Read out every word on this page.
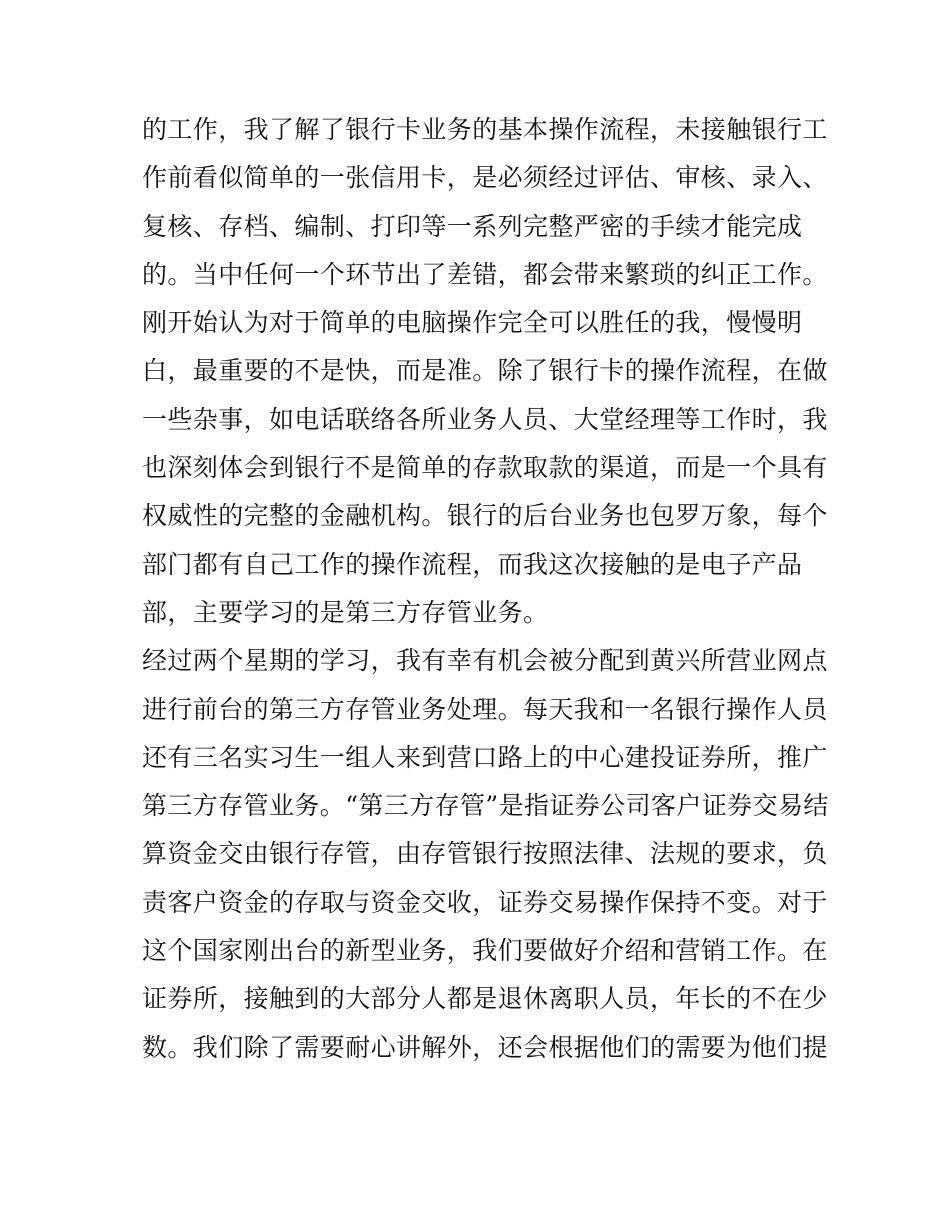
的工作，我了解了银行卡业务的基本操作流程，未接触银行工
作前看似简单的一张信用卡，是必须经过评估、审核、录入、
复核、存档、编制、打印等一系列完整严密的手续才能完成
的。当中任何一个环节出了差错，都会带来繁琐的纠正工作。
刚开始认为对于简单的电脑操作完全可以胜任的我，慢慢明
白，最重要的不是快，而是准。除了银行卡的操作流程，在做
一些杂事，如电话联络各所业务人员、大堂经理等工作时，我
也深刻体会到银行不是简单的存款取款的渠道，而是一个具有
权威性的完整的金融机构。银行的后台业务也包罗万象，每个
部门都有自己工作的操作流程，而我这次接触的是电子产品
部，主要学习的是第三方存管业务。
经过两个星期的学习，我有幸有机会被分配到黄兴所营业网点
进行前台的第三方存管业务处理。每天我和一名银行操作人员
还有三名实习生一组人来到营口路上的中心建投证券所，推广
第三方存管业务。“第三方存管”是指证券公司客户证券交易结
算资金交由银行存管，由存管银行按照法律、法规的要求，负
责客户资金的存取与资金交收，证券交易操作保持不变。对于
这个国家刚出台的新型业务，我们要做好介绍和营销工作。在
证券所，接触到的大部分人都是退休离职人员，年长的不在少
数。我们除了需要耐心讲解外，还会根据他们的需要为他们提
